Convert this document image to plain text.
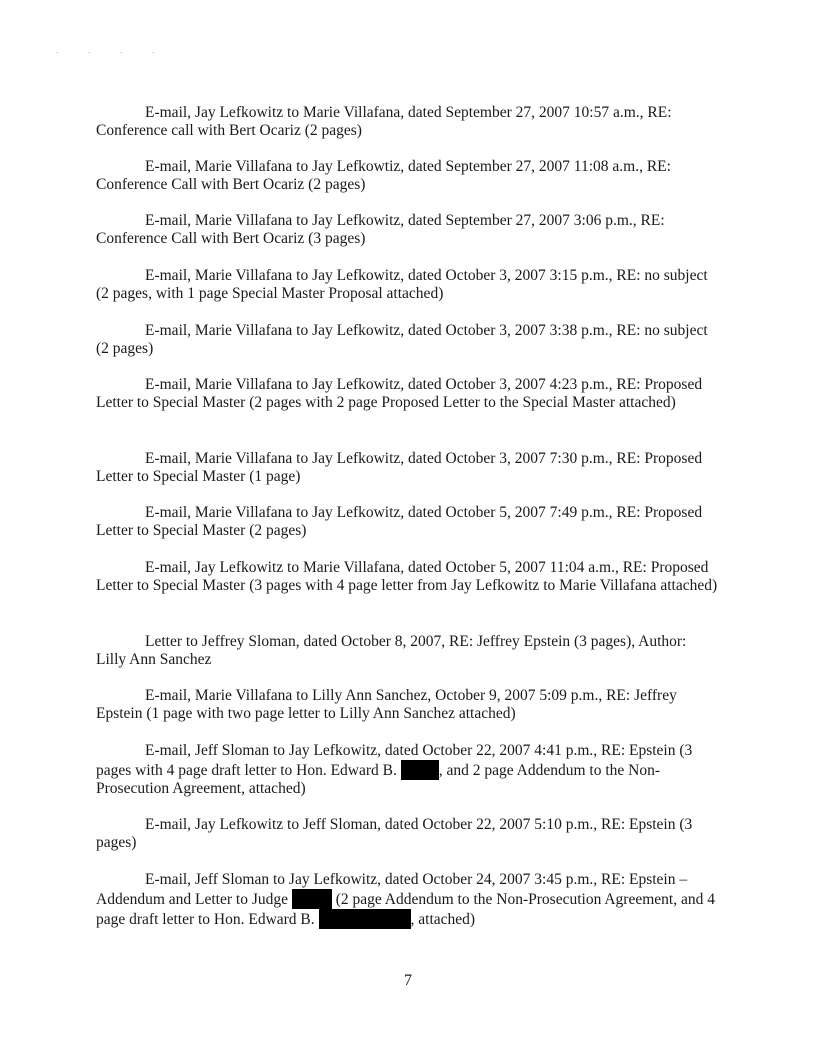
. . . .

E-mail, Jay Lefkowitz to Marie Villafana, dated September 27, 2007 10:57 a.m., RE: Conference call with Bert Ocariz (2 pages)

E-mail, Marie Villafana to Jay Lefkowtiz, dated September 27, 2007 11:08 a.m., RE: Conference Call with Bert Ocariz (2 pages)

E-mail, Marie Villafana to Jay Lefkowitz, dated September 27, 2007 3:06 p.m., RE: Conference Call with Bert Ocariz (3 pages)

E-mail, Marie Villafana to Jay Lefkowitz, dated October 3, 2007 3:15 p.m., RE: no subject (2 pages, with 1 page Special Master Proposal attached)

E-mail, Marie Villafana to Jay Lefkowitz, dated October 3, 2007 3:38 p.m., RE: no subject (2 pages)

E-mail, Marie Villafana to Jay Lefkowitz, dated October 3, 2007 4:23 p.m., RE: Proposed Letter to Special Master (2 pages with 2 page Proposed Letter to the Special Master attached)

E-mail, Marie Villafana to Jay Lefkowitz, dated October 3, 2007 7:30 p.m., RE: Proposed Letter to Special Master (1 page)

E-mail, Marie Villafana to Jay Lefkowitz, dated October 5, 2007 7:49 p.m., RE: Proposed Letter to Special Master (2 pages)

E-mail, Jay Lefkowitz to Marie Villafana, dated October 5, 2007 11:04 a.m., RE: Proposed Letter to Special Master (3 pages with 4 page letter from Jay Lefkowitz to Marie Villafana attached)

Letter to Jeffrey Sloman, dated October 8, 2007, RE: Jeffrey Epstein (3 pages), Author: Lilly Ann Sanchez

E-mail, Marie Villafana to Lilly Ann Sanchez, October 9, 2007 5:09 p.m., RE: Jeffrey Epstein (1 page with two page letter to Lilly Ann Sanchez attached)

E-mail, Jeff Sloman to Jay Lefkowitz, dated October 22, 2007 4:41 p.m., RE: Epstein (3 pages with 4 page draft letter to Hon. Edward B.	, and 2 page Addendum to the Non-Prosecution Agreement, attached)

E-mail, Jay Lefkowitz to Jeff Sloman, dated October 22, 2007 5:10 p.m., RE: Epstein (3 pages)

E-mail, Jeff Sloman to Jay Lefkowitz, dated October 24, 2007 3:45 p.m., RE: Epstein – Addendum and Letter to Judge	(2 page Addendum to the Non-Prosecution Agreement, and 4 page draft letter to Hon. Edward B.	, attached)

7
